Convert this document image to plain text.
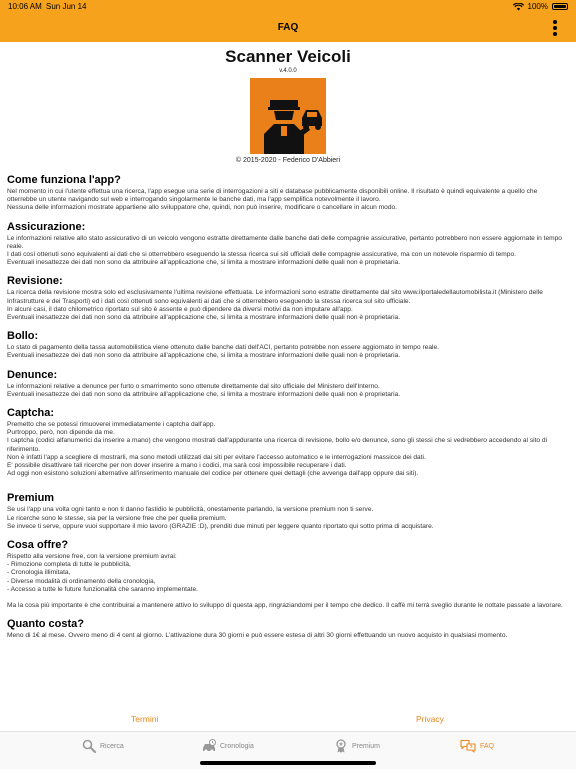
10:06 AM Sun Jun 14	100%
FAQ
Scanner Veicoli
v.4.0.0
© 2015-2020 - Federico D'Abbieri
Come funziona l'app?

Nel momento in cui l'utente effettua una ricerca, l'app esegue una serie di interrogazioni a siti e database pubblicamente disponibili online. Il risultato è quindi equivalente a quello che otterrebbe un utente navigando sul web e interrogando singolarmente le banche dati, ma l'app semplifica notevolmente il lavoro.

Nessuna delle informazioni mostrate appartiene allo sviluppatore che, quindi, non può inserire, modificare o cancellare in alcun modo.

Assicurazione:

Le informazioni relative allo stato assicurativo di un veicolo vengono estratte direttamente dalle banche dati delle compagnie assicurative, pertanto potrebbero non essere aggiornate in tempo reale.

I dati così ottenuti sono equivalenti ai dati che si otterrebbero eseguendo la stessa ricerca sui siti ufficiali delle compagnie assicurative, ma con un notevole risparmio di tempo.

Eventuali inesattezze dei dati non sono da attribuire all'applicazione che, si limita a mostrare informazioni delle quali non è proprietaria.

Revisione:

La ricerca della revisione mostra solo ed esclusivamente l'ultima revisione effettuata. Le informazioni sono estratte direttamente dal sito www.ilportaledellautomobilista.it (Ministero delle Infrastrutture e dei Trasporti) ed i dati così ottenuti sono equivalenti ai dati che si otterrebbero eseguendo la stessa ricerca sul sito ufficiale.

In alcuni casi, il dato chilometrico riportato sul sito è assente e può dipendere da diversi motivi da non imputare all'app.

Eventuali inesattezze dei dati non sono da attribuire all'applicazione che, si limita a mostrare informazioni delle quali non è proprietaria.

Bollo:

Lo stato di pagamento della tassa automobilistica viene ottenuto dalle banche dati dell'ACI, pertanto potrebbe non essere aggiornato in tempo reale.

Eventuali inesattezze dei dati non sono da attribuire all'applicazione che, si limita a mostrare informazioni delle quali non è proprietaria.

Denunce:

Le informazioni relative a denunce per furto o smarrimento sono ottenute direttamente dal sito ufficiale del Ministero dell'Interno.

Eventuali inesattezze dei dati non sono da attribuire all'applicazione che, si limita a mostrare informazioni delle quali non è proprietaria.

Captcha:

Premetto che se potessi rimuoverei immediatamente i captcha dall'app.

Purtroppo, però, non dipende da me.

I captcha (codici alfanumerici da inserire a mano) che vengono mostrati dall'appdurante una ricerca di revisione, bollo e/o denunce, sono gli stessi che si vedrebbero accedendo al sito di riferimento.

Non è infatti l'app a scegliere di mostrarli, ma sono metodi utilizzati dai siti per evitare l'accesso automatico e le interrogazioni massicce dei dati.

E' possibile disattivare tali ricerche per non dover inserire a mano i codici, ma sarà così impossibile recuperare i dati.

Ad oggi non esistono soluzioni alternative all'inserimento manuale del codice per ottenere quei dettagli (che avvenga dall'app oppure dai siti).

Premium

Se usi l'app una volta ogni tanto e non ti danno fastidio le pubblicità, onestamente parlando, la versione premium non ti serve.

Le ricerche sono le stesse, sia per la versione free che per quella premium.

Se invece ti serve, oppure vuoi supportare il mio lavoro (GRAZIE :D), prenditi due minuti per leggere quanto riportato qui sotto prima di acquistare.

Cosa offre?

Rispetto alla versione free, con la versione premium avrai:

- Rimozione completa di tutte le pubblicità,

- Cronologia illimitata,

- Diverse modalità di ordinamento della cronologia,

- Accesso a tutte le future funzionalità che saranno implementate.

Ma la cosa più importante è che contribuirai a mantenere attivo lo sviluppo di questa app, ringraziandomi per il tempo che dedico. Il caffè mi terrà sveglio durante le nottate passate a lavorare.

Quanto costa?

Meno di 1€ al mese. Ovvero meno di 4 cent al giorno. L'attivazione dura 30 giorni e può essere estesa di altri 30 giorni effettuando un nuovo acquisto in qualsiasi momento.

Termini	Privacy
Ricerca	Cronologia	Premium	FAQ
